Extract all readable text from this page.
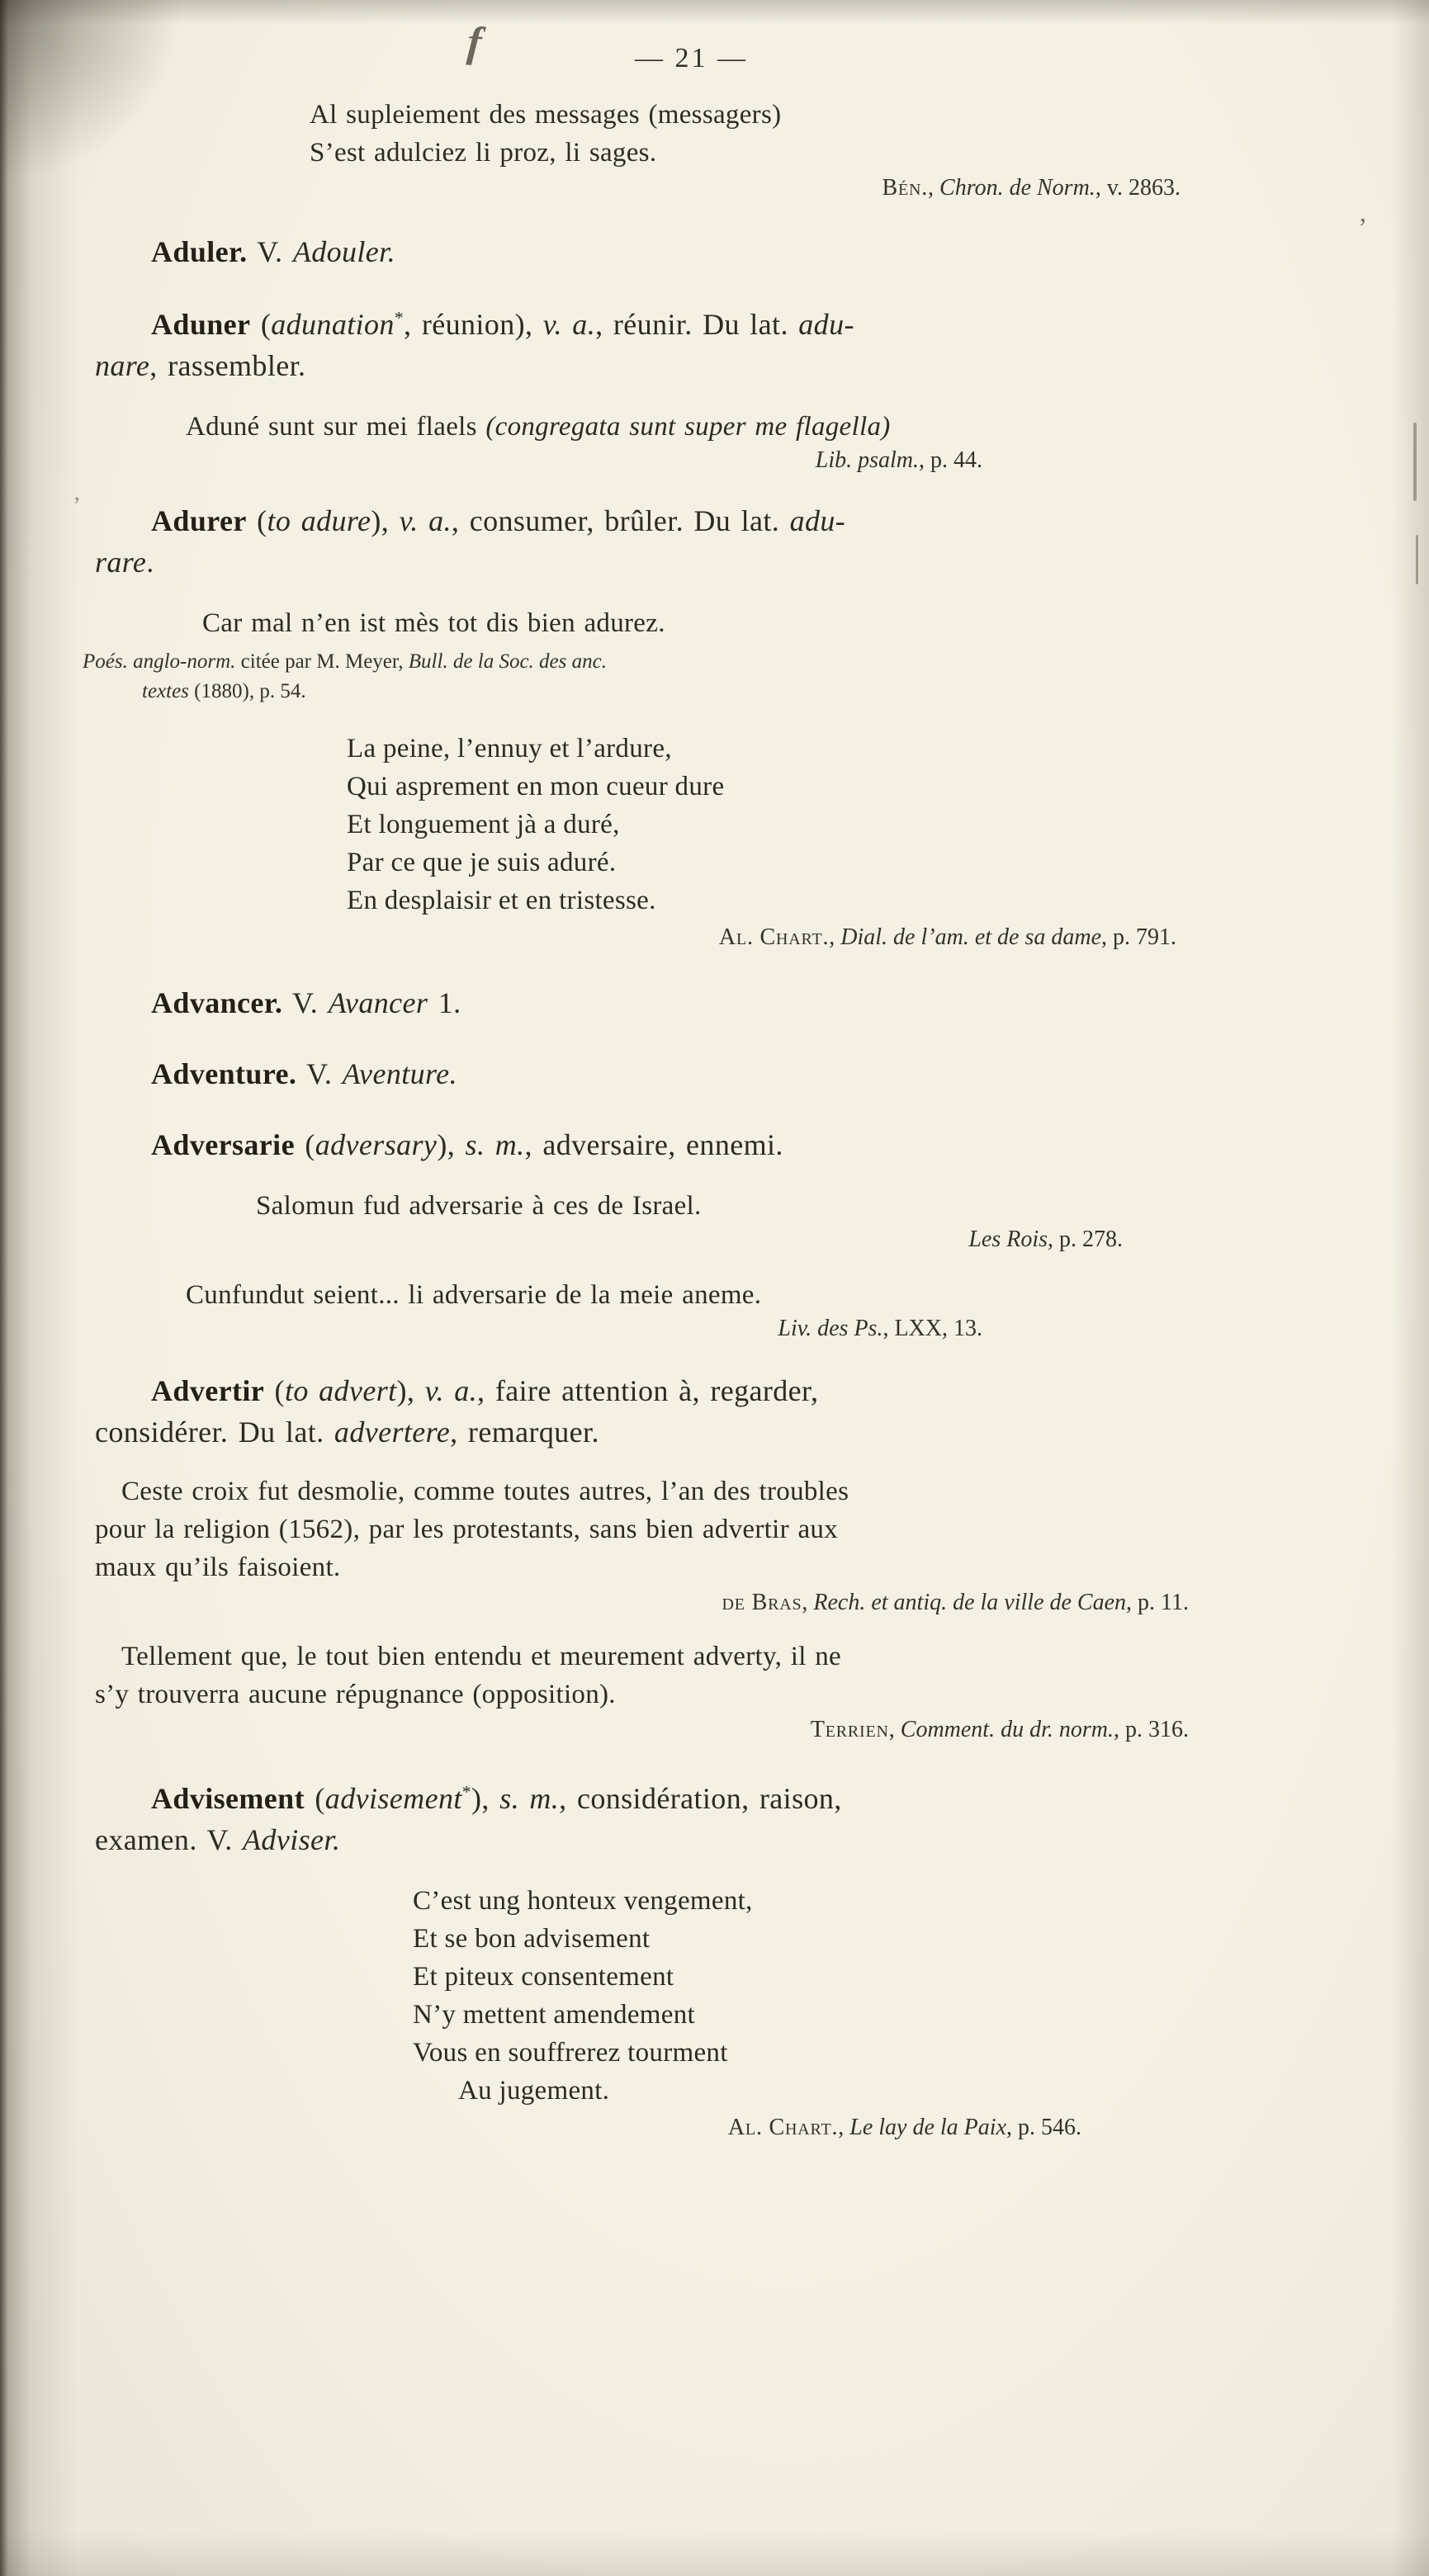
f
’
’
— 21 —
Al supleiement des messages (messagers)
S’est adulciez li proz, li sages.
Bén., Chron. de Norm., v. 2863.
Aduler. V. Adouler.
Aduner (adunation*, réunion), v. a., réunir. Du lat. adu-
nare, rassembler.
Aduné sunt sur mei flaels (congregata sunt super me flagella)
Lib. psalm., p. 44.
Adurer (to adure), v. a., consumer, brûler. Du lat. adu-
rare.
Car mal n’en ist mès tot dis bien adurez.
Poés. anglo-norm. citée par M. Meyer, Bull. de la Soc. des anc.
textes (1880), p. 54.
La peine, l’ennuy et l’ardure,
Qui asprement en mon cueur dure
Et longuement jà a duré,
Par ce que je suis aduré.
En desplaisir et en tristesse.
Al. Chart., Dial. de l’am. et de sa dame, p. 791.
Advancer. V. Avancer 1.
Adventure. V. Aventure.
Adversarie (adversary), s. m., adversaire, ennemi.
Salomun fud adversarie à ces de Israel.
Les Rois, p. 278.
Cunfundut seient... li adversarie de la meie aneme.
Liv. des Ps., LXX, 13.
Advertir (to advert), v. a., faire attention à, regarder,
considérer. Du lat. advertere, remarquer.
Ceste croix fut desmolie, comme toutes autres, l’an des troubles
pour la religion (1562), par les protestants, sans bien advertir aux
maux qu’ils faisoient.
de Bras, Rech. et antiq. de la ville de Caen, p. 11.
Tellement que, le tout bien entendu et meurement adverty, il ne
s’y trouverra aucune répugnance (opposition).
Terrien, Comment. du dr. norm., p. 316.
Advisement (advisement*), s. m., considération, raison,
examen. V. Adviser.
C’est ung honteux vengement,
Et se bon advisement
Et piteux consentement
N’y mettent amendement
Vous en souffrerez tourment
Au jugement.
Al. Chart., Le lay de la Paix, p. 546.
